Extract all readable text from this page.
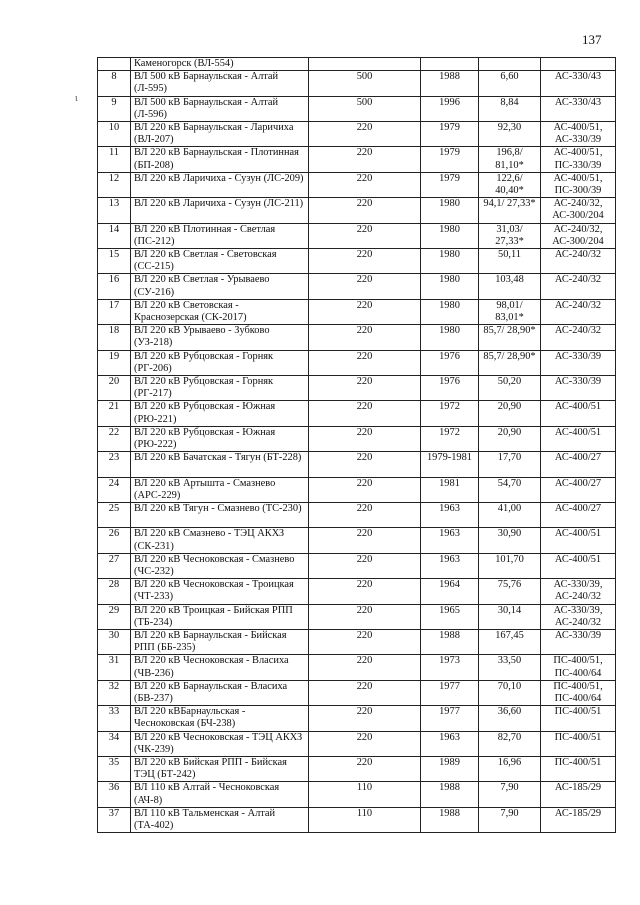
137
ι
	Каменогорск (ВЛ-554)				
8	ВЛ 500 кВ Барнаульская - Алтай (Л-595)	500	1988	6,60	АС-330/43
9	ВЛ 500 кВ Барнаульская - Алтай (Л-596)	500	1996	8,84	АС-330/43
10	ВЛ 220 кВ Барнаульская - Ларичиха (ВЛ-207)	220	1979	92,30	АС-400/51, АС-330/39
11	ВЛ 220 кВ Барнаульская - Плотинная (БП-208)	220	1979	196,8/ 81,10*	АС-400/51, ПС-330/39
12	ВЛ 220 кВ Ларичиха - Сузун (ЛС-209)	220	1979	122,6/ 40,40*	АС-400/51, ПС-300/39
13	ВЛ 220 кВ Ларичиха - Сузун (ЛС-211)	220	1980	94,1/ 27,33*	АС-240/32, АС-300/204
14	ВЛ 220 кВ Плотинная - Светлая (ПС-212)	220	1980	31,03/ 27,33*	АС-240/32, АС-300/204
15	ВЛ 220 кВ Светлая - Световская (СС-215)	220	1980	50,11	АС-240/32
16	ВЛ 220 кВ Светлая - Урываево (СУ-216)	220	1980	103,48	АС-240/32
17	ВЛ 220 кВ Световская - Краснозерская (СК-2017)	220	1980	98,01/ 83,01*	АС-240/32
18	ВЛ 220 кВ Урываево - Зубково (УЗ-218)	220	1980	85,7/ 28,90*	АС-240/32
19	ВЛ 220 кВ Рубцовская - Горняк (РГ-206)	220	1976	85,7/ 28,90*	АС-330/39
20	ВЛ 220 кВ Рубцовская - Горняк (РГ-217)	220	1976	50,20	АС-330/39
21	ВЛ 220 кВ Рубцовская - Южная (РЮ-221)	220	1972	20,90	АС-400/51
22	ВЛ 220 кВ Рубцовская - Южная (РЮ-222)	220	1972	20,90	АС-400/51
23	ВЛ 220 кВ Бачатская - Тягун (БТ-228)	220	1979-1981	17,70	АС-400/27
24	ВЛ 220 кВ Артышта - Смазнево (АРС-229)	220	1981	54,70	АС-400/27
25	ВЛ 220 кВ Тягун - Смазнево (ТС-230)	220	1963	41,00	АС-400/27
26	ВЛ 220 кВ Смазнево - ТЭЦ АКХЗ (СК-231)	220	1963	30,90	АС-400/51
27	ВЛ 220 кВ Чесноковская - Смазнево (ЧС-232)	220	1963	101,70	АС-400/51
28	ВЛ 220 кВ Чесноковская - Троицкая (ЧТ-233)	220	1964	75,76	АС-330/39, АС-240/32
29	ВЛ 220 кВ Троицкая - Бийская РПП (ТБ-234)	220	1965	30,14	АС-330/39, АС-240/32
30	ВЛ 220 кВ Барнаульская - Бийская РПП (ББ-235)	220	1988	167,45	АС-330/39
31	ВЛ 220 кВ Чесноковская - Власиха (ЧВ-236)	220	1973	33,50	ПС-400/51, ПС-400/64
32	ВЛ 220 кВ Барнаульская - Власиха (БВ-237)	220	1977	70,10	ПС-400/51, ПС-400/64
33	ВЛ 220 кВБарнаульская - Чесноковская (БЧ-238)	220	1977	36,60	ПС-400/51
34	ВЛ 220 кВ Чесноковская - ТЭЦ АКХЗ (ЧК-239)	220	1963	82,70	ПС-400/51
35	ВЛ 220 кВ Бийская РПП - Бийская ТЭЦ (БТ-242)	220	1989	16,96	ПС-400/51
36	ВЛ 110 кВ Алтай - Чесноковская (АЧ-8)	110	1988	7,90	АС-185/29
37	ВЛ 110 кВ Тальменская - Алтай (ТА-402)	110	1988	7,90	АС-185/29
